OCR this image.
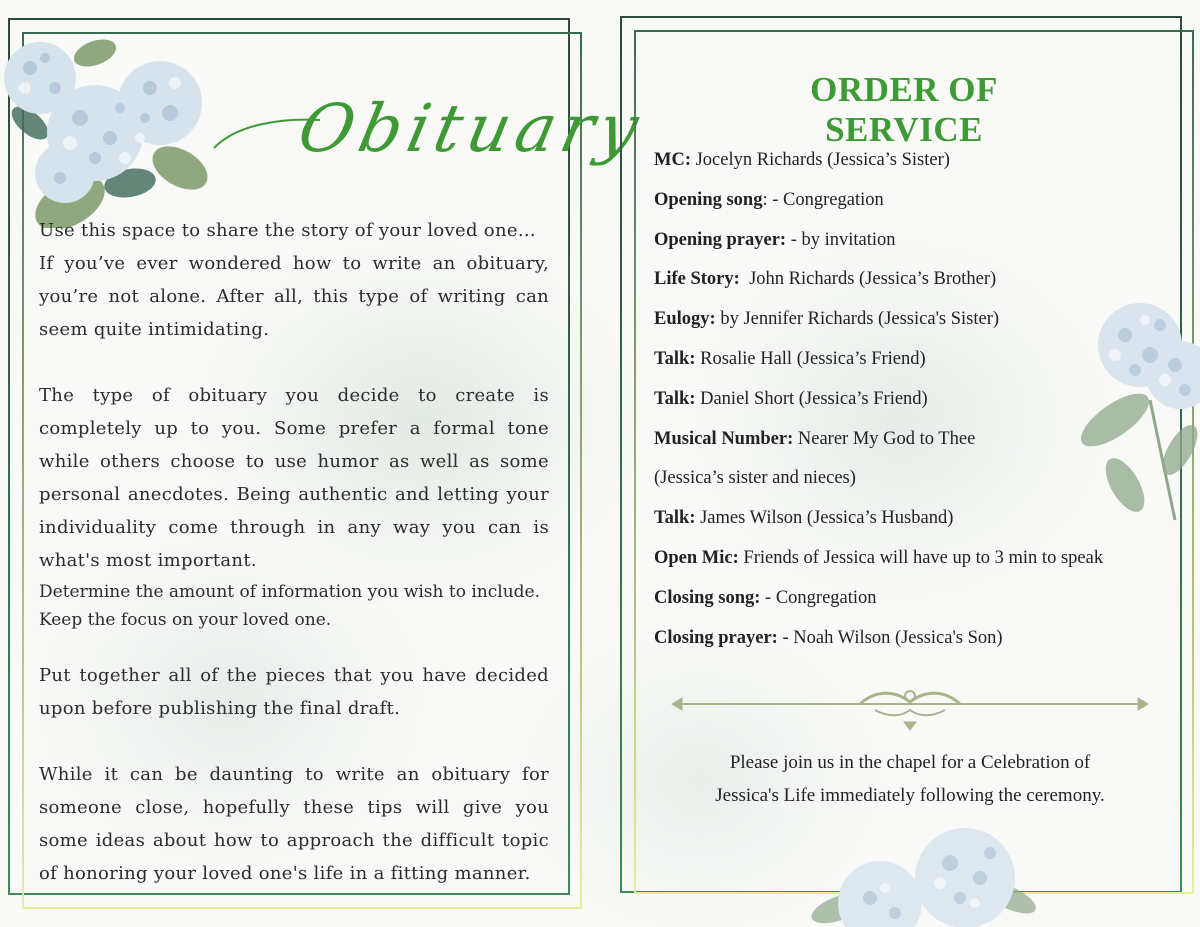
Obituary
Use this space to share the story of your loved one…
If you’ve ever wondered how to write an obituary, you’re not alone. After all, this type of writing can seem quite intimidating.
The type of obituary you decide to create is completely up to you. Some prefer a formal tone while others choose to use humor as well as some personal anecdotes. Being authentic and letting your individuality come through in any way you can is what's most important.
Determine the amount of information you wish to include.
Keep the focus on your loved one.
Put together all of the pieces that you have decided upon before publishing the final draft.
While it can be daunting to write an obituary for someone close, hopefully these tips will give you some ideas about how to approach the difficult topic of honoring your loved one's life in a fitting manner.
ORDER OF SERVICE
MC: Jocelyn Richards (Jessica’s Sister)
Opening song: - Congregation
Opening prayer: - by invitation
Life Story:  John Richards (Jessica’s Brother)
Eulogy: by Jennifer Richards (Jessica's Sister)
Talk: Rosalie Hall (Jessica’s Friend)
Talk: Daniel Short (Jessica’s Friend)
Musical Number: Nearer My God to Thee
(Jessica’s sister and nieces)
Talk: James Wilson (Jessica’s Husband)
Open Mic: Friends of Jessica will have up to 3 min to speak
Closing song: - Congregation
Closing prayer: - Noah Wilson (Jessica's Son)
Please join us in the chapel for a Celebration of
Jessica's Life immediately following the ceremony.
